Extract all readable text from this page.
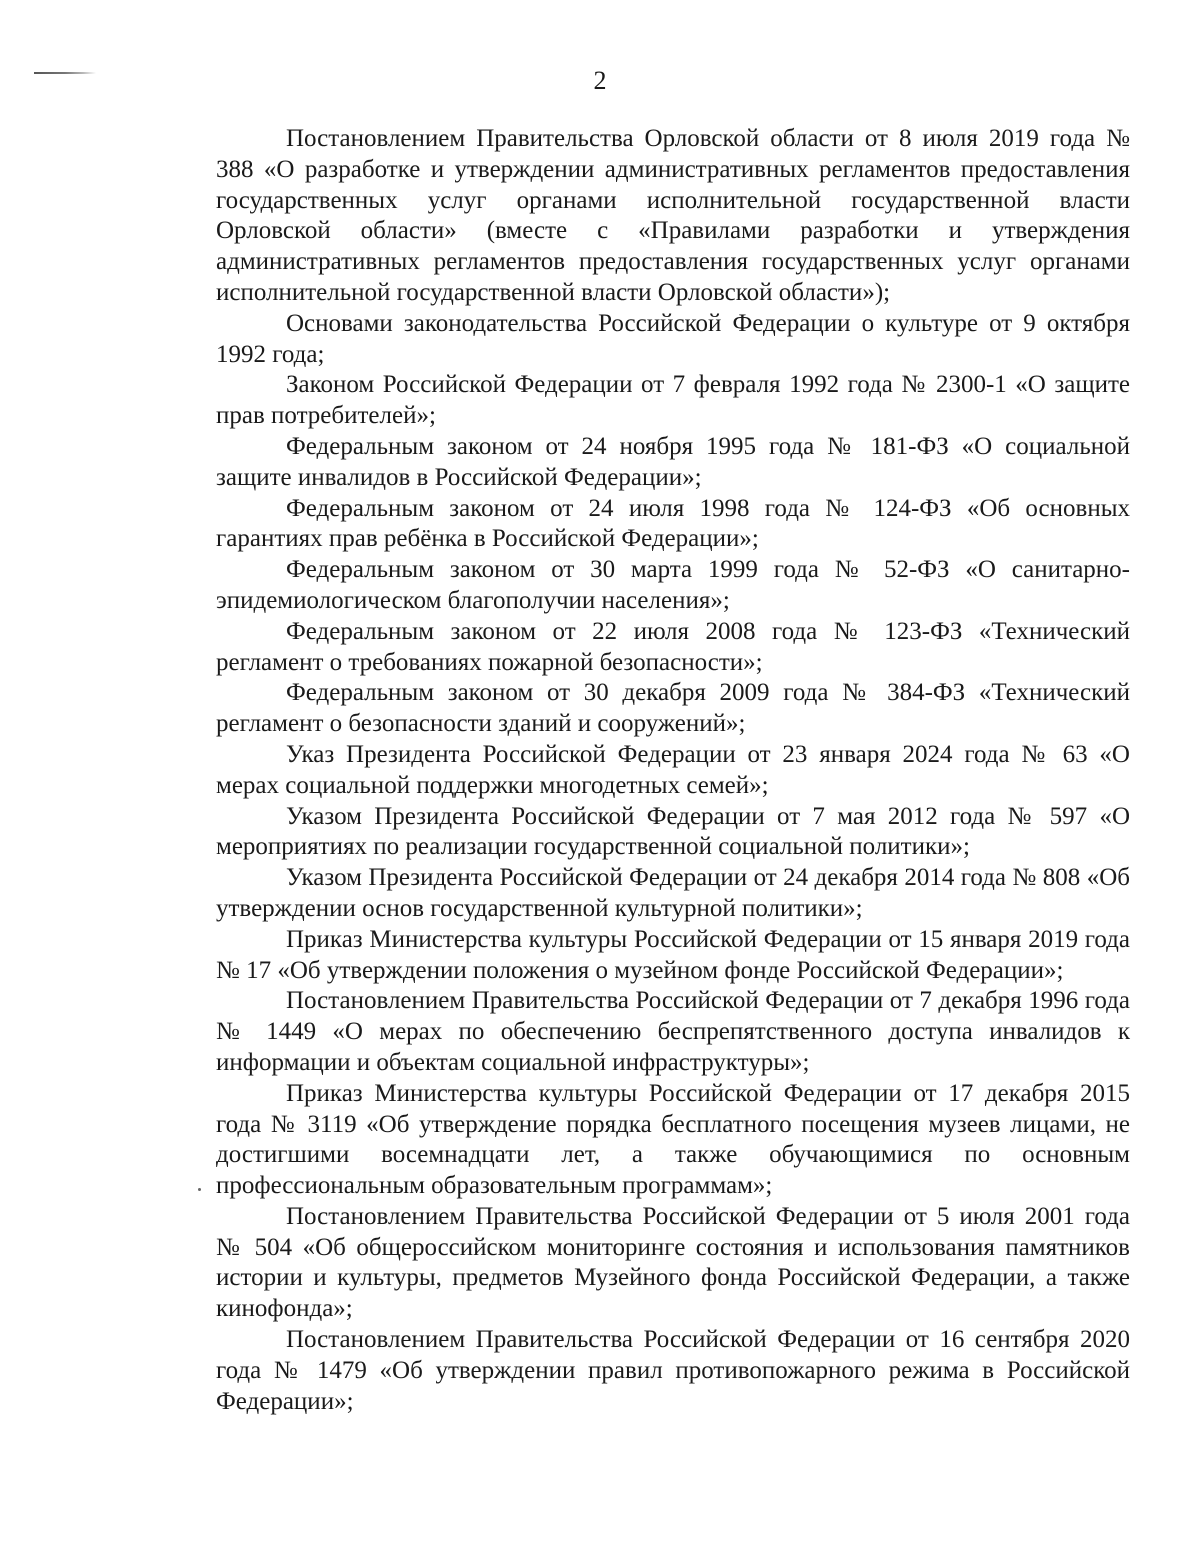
2

Постановлением Правительства Орловской области от 8 июля 2019 года № 388 «О разработке и утверждении административных регламентов предоставления государственных услуг органами исполнительной государственной власти Орловской области» (вместе с «Правилами разработки и утверждения административных регламентов предоставления государственных услуг органами исполнительной государственной власти Орловской области»);

Основами законодательства Российской Федерации о культуре от 9 октября 1992 года;

Законом Российской Федерации от 7 февраля 1992 года № 2300-1 «О защите прав потребителей»;

Федеральным законом от 24 ноября 1995 года № 181-ФЗ «О социальной защите инвалидов в Российской Федерации»;

Федеральным законом от 24 июля 1998 года № 124-ФЗ «Об основных гарантиях прав ребёнка в Российской Федерации»;

Федеральным законом от 30 марта 1999 года № 52-ФЗ «О санитарно-эпидемиологическом благополучии населения»;

Федеральным законом от 22 июля 2008 года № 123-ФЗ «Технический регламент о требованиях пожарной безопасности»;

Федеральным законом от 30 декабря 2009 года № 384-ФЗ «Технический регламент о безопасности зданий и сооружений»;

Указ Президента Российской Федерации от 23 января 2024 года № 63 «О мерах социальной поддержки многодетных семей»;

Указом Президента Российской Федерации от 7 мая 2012 года № 597 «О мероприятиях по реализации государственной социальной политики»;

Указом Президента Российской Федерации от 24 декабря 2014 года № 808 «Об утверждении основ государственной культурной политики»;

Приказ Министерства культуры Российской Федерации от 15 января 2019 года № 17 «Об утверждении положения о музейном фонде Российской Федерации»;

Постановлением Правительства Российской Федерации от 7 декабря 1996 года № 1449 «О мерах по обеспечению беспрепятственного доступа инвалидов к информации и объектам социальной инфраструктуры»;

Приказ Министерства культуры Российской Федерации от 17 декабря 2015 года № 3119 «Об утверждение порядка бесплатного посещения музеев лицами, не достигшими восемнадцати лет, а также обучающимися по основным профессиональным образовательным программам»;

Постановлением Правительства Российской Федерации от 5 июля 2001 года № 504 «Об общероссийском мониторинге состояния и использования памятников истории и культуры, предметов Музейного фонда Российской Федерации, а также кинофонда»;

Постановлением Правительства Российской Федерации от 16 сентября 2020 года № 1479 «Об утверждении правил противопожарного режима в Российской Федерации»;
